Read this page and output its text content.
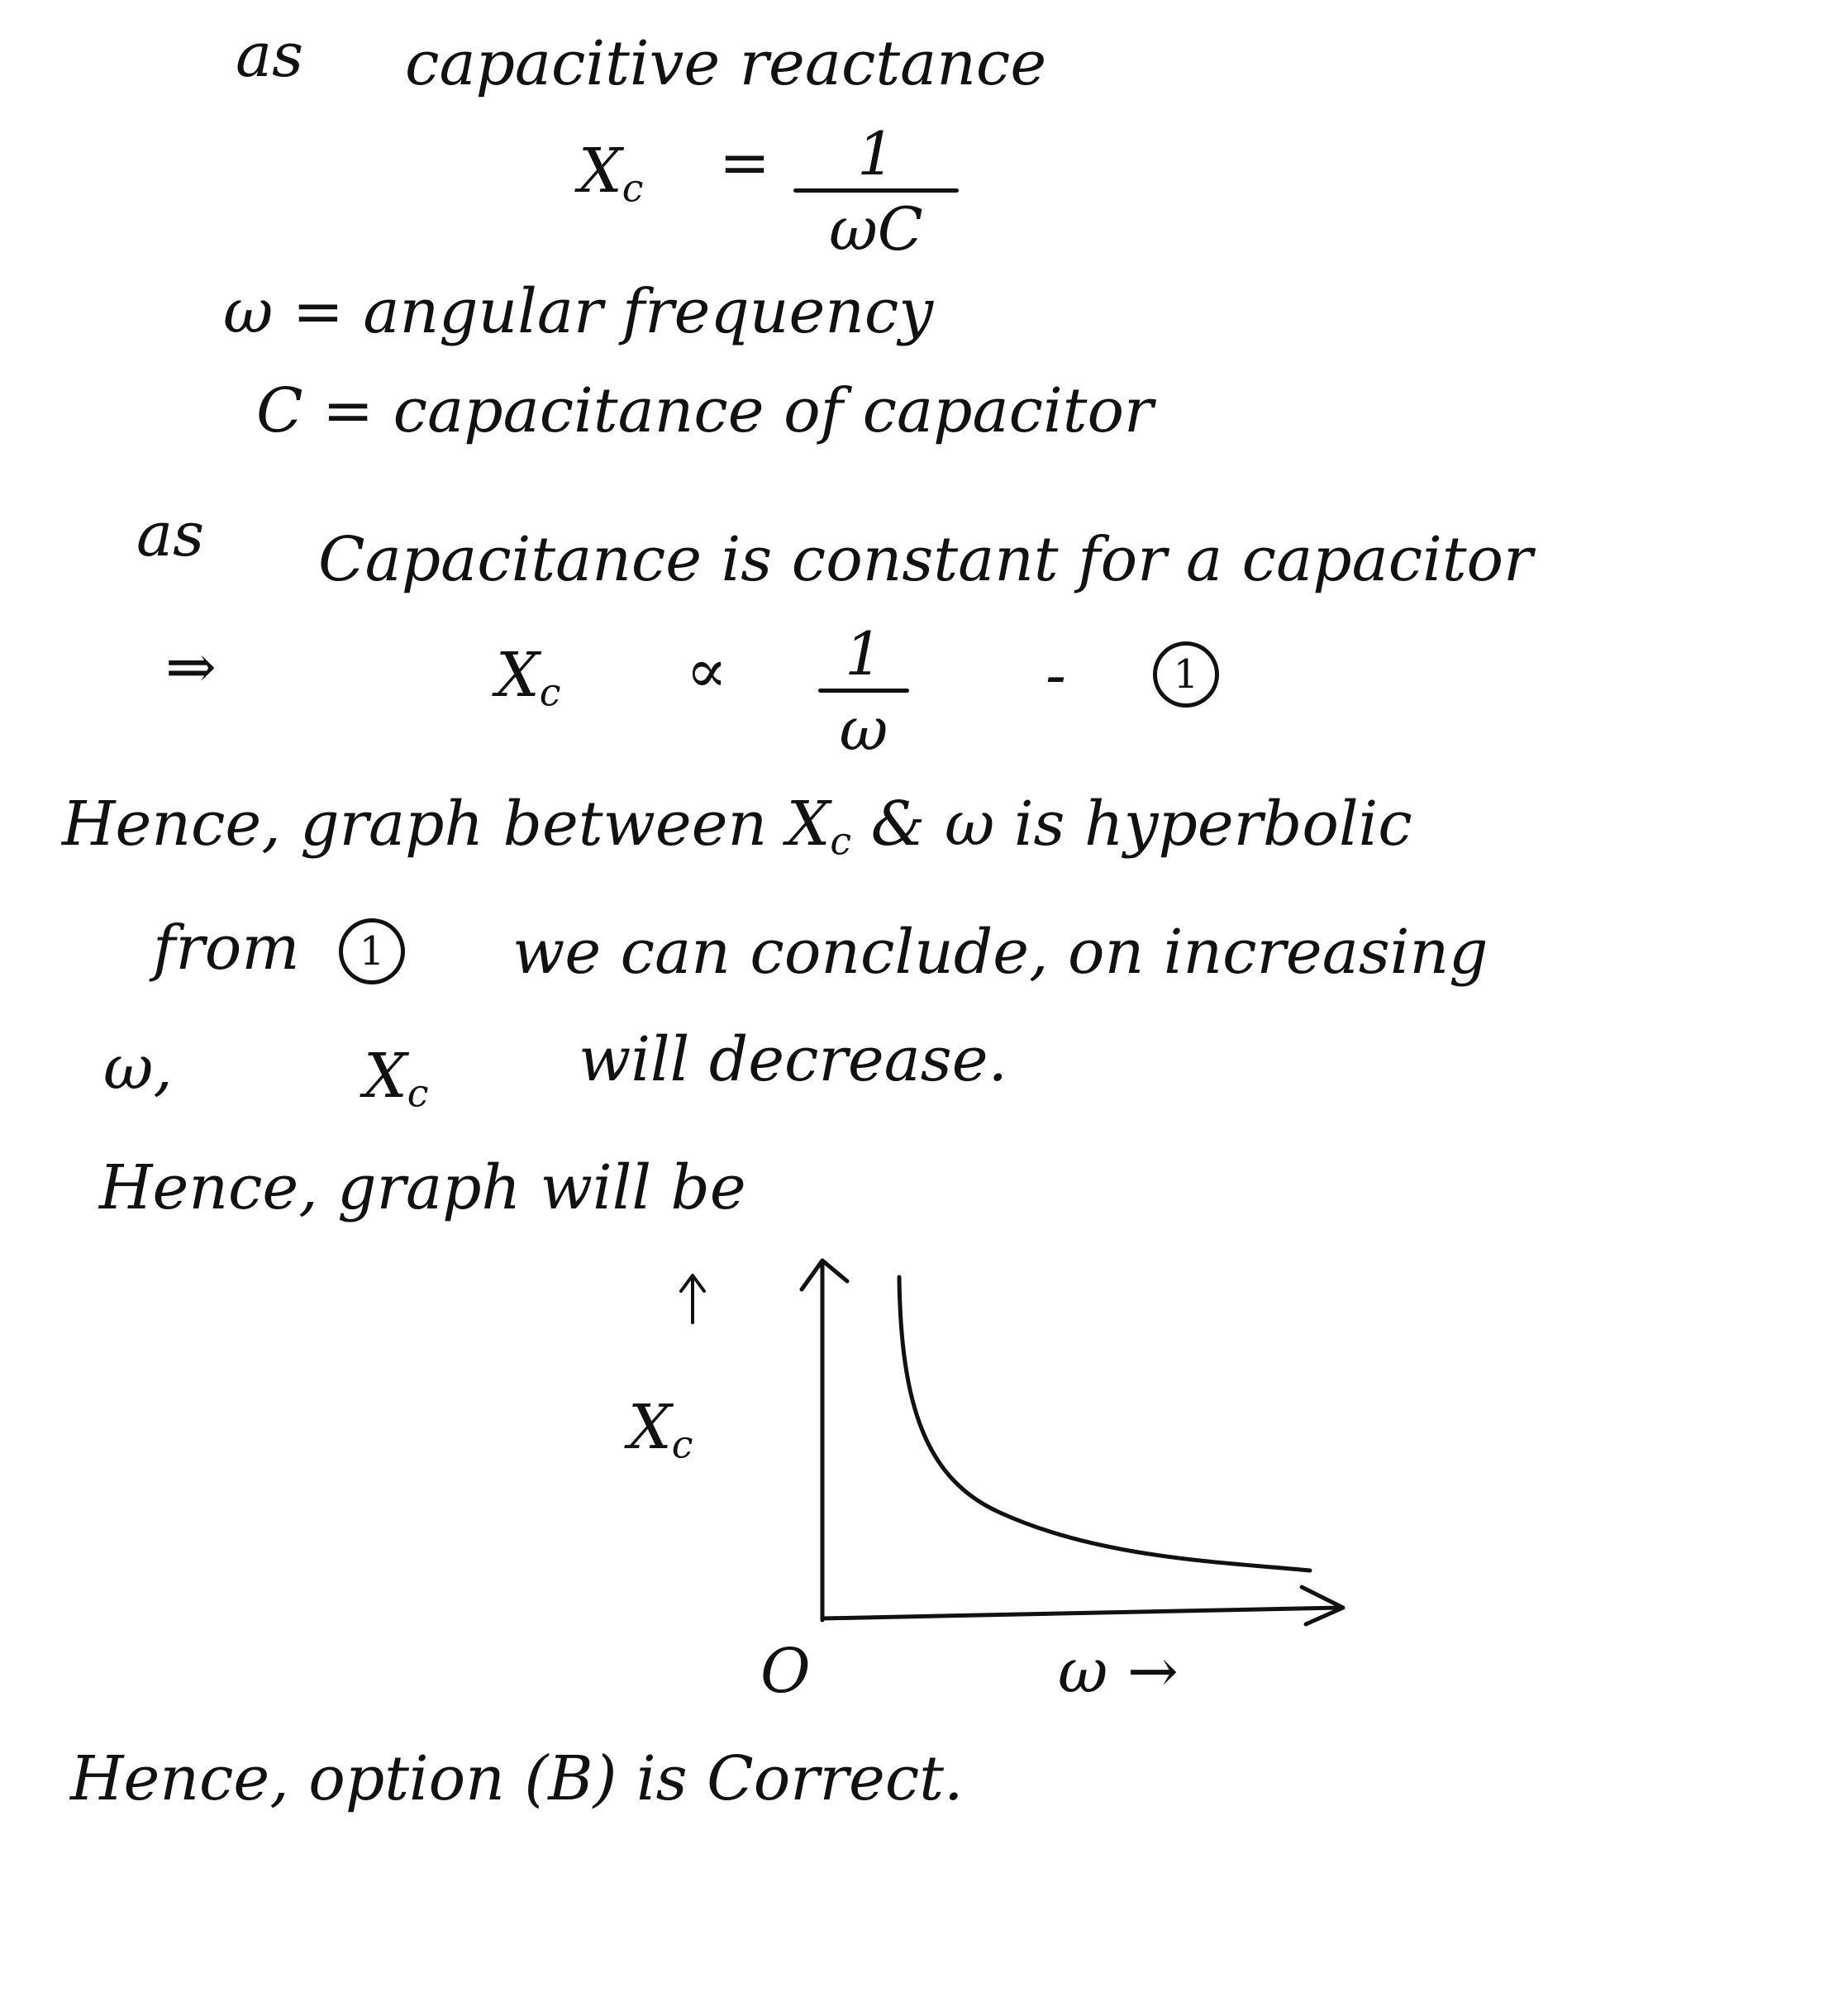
as capacitive reactance
$X_c$ =	1
ωC
ω = angular frequency
C = capacitance of capacitor
as Capacitance is constant for a capacitor
⇒	$X_c$ ∝	1
ω
-	1
Hence, graph between $X_c$ & ω is hyperbolic
from	1	we can conclude, on increasing
ω,	$X_c$ will decrease.
Hence, graph will be
$X_c$
O	ω →
Hence, option (B) is Correct.
